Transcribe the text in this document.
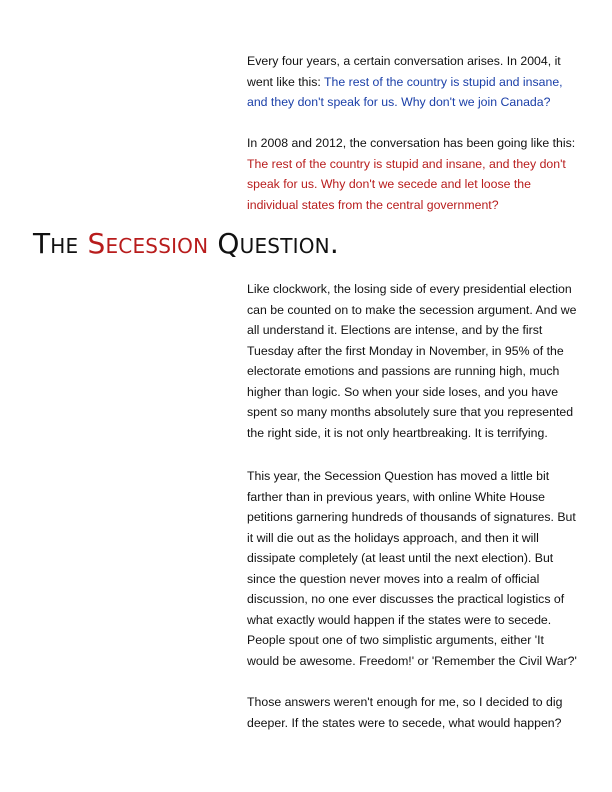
Every four years, a certain conversation arises. In 2004, it went like this: The rest of the country is stupid and insane, and they don't speak for us. Why don't we join Canada?

In 2008 and 2012, the conversation has been going like this: The rest of the country is stupid and insane, and they don't speak for us. Why don't we secede and let loose the individual states from the central government?

The Secession Question.

Like clockwork, the losing side of every presidential election can be counted on to make the secession argument. And we all understand it. Elections are intense, and by the first Tuesday after the first Monday in November, in 95% of the electorate emotions and passions are running high, much higher than logic. So when your side loses, and you have spent so many months absolutely sure that you represented the right side, it is not only heartbreaking. It is terrifying.

This year, the Secession Question has moved a little bit farther than in previous years, with online White House petitions garnering hundreds of thousands of signatures. But it will die out as the holidays approach, and then it will dissipate completely (at least until the next election). But since the question never moves into a realm of official discussion, no one ever discusses the practical logistics of what exactly would happen if the states were to secede. People spout one of two simplistic arguments, either 'It would be awesome. Freedom!' or 'Remember the Civil War?'

Those answers weren't enough for me, so I decided to dig deeper. If the states were to secede, what would happen?
